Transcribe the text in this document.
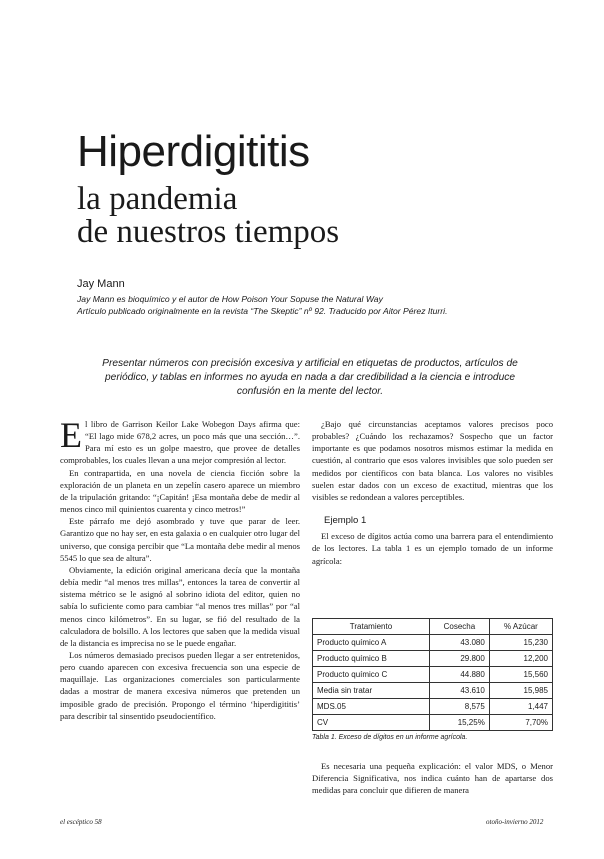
Hiperdigititis
la pandemia
de nuestros tiempos
Jay Mann
Jay Mann es bioquímico y el autor de How Poison Your Sopuse the Natural Way
Artículo publicado originalmente en la revista “The Skeptic” nº 92. Traducido por Aitor Pérez Iturri.
Presentar números con precisión excesiva y artificial en etiquetas de productos, artículos de periódico, y tablas en informes no ayuda en nada a dar credibilidad a la ciencia e introduce confusión en la mente del lector.
E l libro de Garrison Keilor Lake Wobegon Days afirma que: “El lago mide 678,2 acres, un poco más que una sección…”. Para mí esto es un golpe maestro, que provee de detalles comprobables, los cuales llevan a una mejor compresión al lector.

En contrapartida, en una novela de ciencia ficción sobre la exploración de un planeta en un zepelín casero aparece un miembro de la tripulación gritando: “¡Capitán! ¡Esa montaña debe de medir al menos cinco mil quinientos cuarenta y cinco metros!”

Este párrafo me dejó asombrado y tuve que parar de leer. Garantizo que no hay ser, en esta galaxia o en cualquier otro lugar del universo, que consiga percibir que “La montaña debe medir al menos 5545 lo que sea de altura”.

Obviamente, la edición original americana decía que la montaña debía medir “al menos tres millas”, entonces la tarea de convertir al sistema métrico se le asignó al sobrino idiota del editor, quien no sabía lo suficiente como para cambiar “al menos tres millas” por “al menos cinco kilómetros”. En su lugar, se fió del resultado de la calculadora de bolsillo. A los lectores que saben que la medida visual de la distancia es imprecisa no se le puede engañar.

Los números demasiado precisos pueden llegar a ser entretenidos, pero cuando aparecen con excesiva frecuencia son una especie de maquillaje. Las organizaciones comerciales son particularmente dadas a mostrar de manera excesiva números que pretenden un imposible grado de precisión. Propongo el término ‘hiperdigititis’ para describir tal sinsentido pseudocientífico.

¿Bajo qué circunstancias aceptamos valores precisos poco probables? ¿Cuándo los rechazamos? Sospecho que un factor importante es que podamos nosotros mismos estimar la medida en cuestión, al contrario que esos valores invisibles que solo pueden ser medidos por científicos con bata blanca. Los valores no visibles suelen estar dados con un exceso de exactitud, mientras que los visibles se redondean a valores perceptibles.

Ejemplo 1

El exceso de dígitos actúa como una barrera para el entendimiento de los lectores. La tabla 1 es un ejemplo tomado de un informe agrícola:

Tratamiento	Cosecha	% Azúcar
Producto químico A	43.080	15,230
Producto químico B	29.800	12,200
Producto químico C	44.880	15,560
Media sin tratar	43.610	15,985
MDS.05	8,575	1,447
CV	15,25%	7,70%
Tabla 1. Exceso de dígitos en un informe agrícola.

Es necesaria una pequeña explicación: el valor MDS, o Menor Diferencia Significativa, nos indica cuánto han de apartarse dos medidas para concluir que difieren de manera

el escéptico 58	otoño-invierno 2012
